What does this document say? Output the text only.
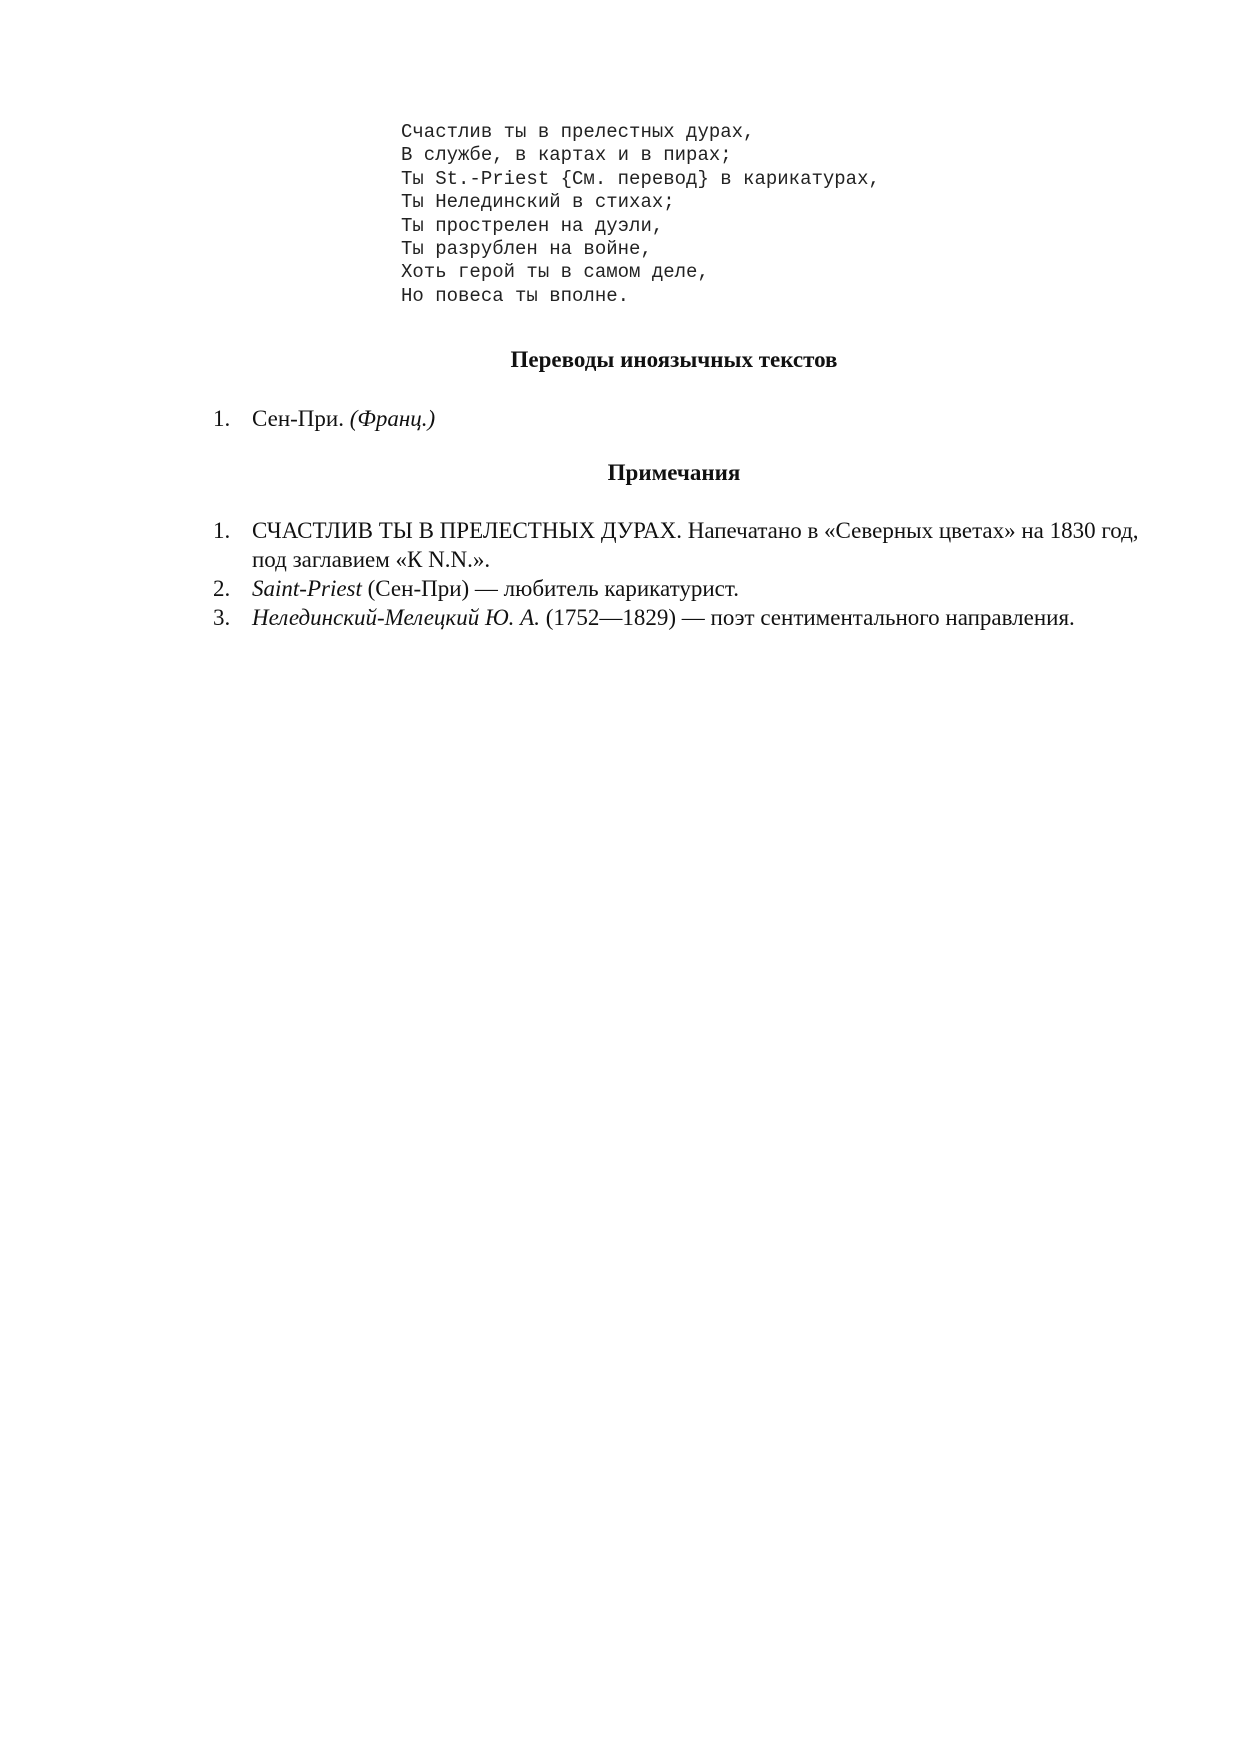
Счастлив ты в прелестных дурах,
В службе, в картах и в пирах;
Ты St.-Priest {См. перевод} в карикатурах,
Ты Нелединский в стихах;
Ты прострелен на дуэли,
Ты разрублен на войне,
Хоть герой ты в самом деле,
Но повеса ты вполне.
Переводы иноязычных текстов
1. Сен-При. (Франц.)
Примечания
1. СЧАСТЛИВ ТЫ В ПРЕЛЕСТНЫХ ДУРАХ. Напечатано в «Северных цветах» на 1830 год, под заглавием «К N.N.».
2. Saint-Priest (Сен-При) — любитель карикатурист.
3. Нелединский-Мелецкий Ю. А. (1752—1829) — поэт сентиментального направления.
